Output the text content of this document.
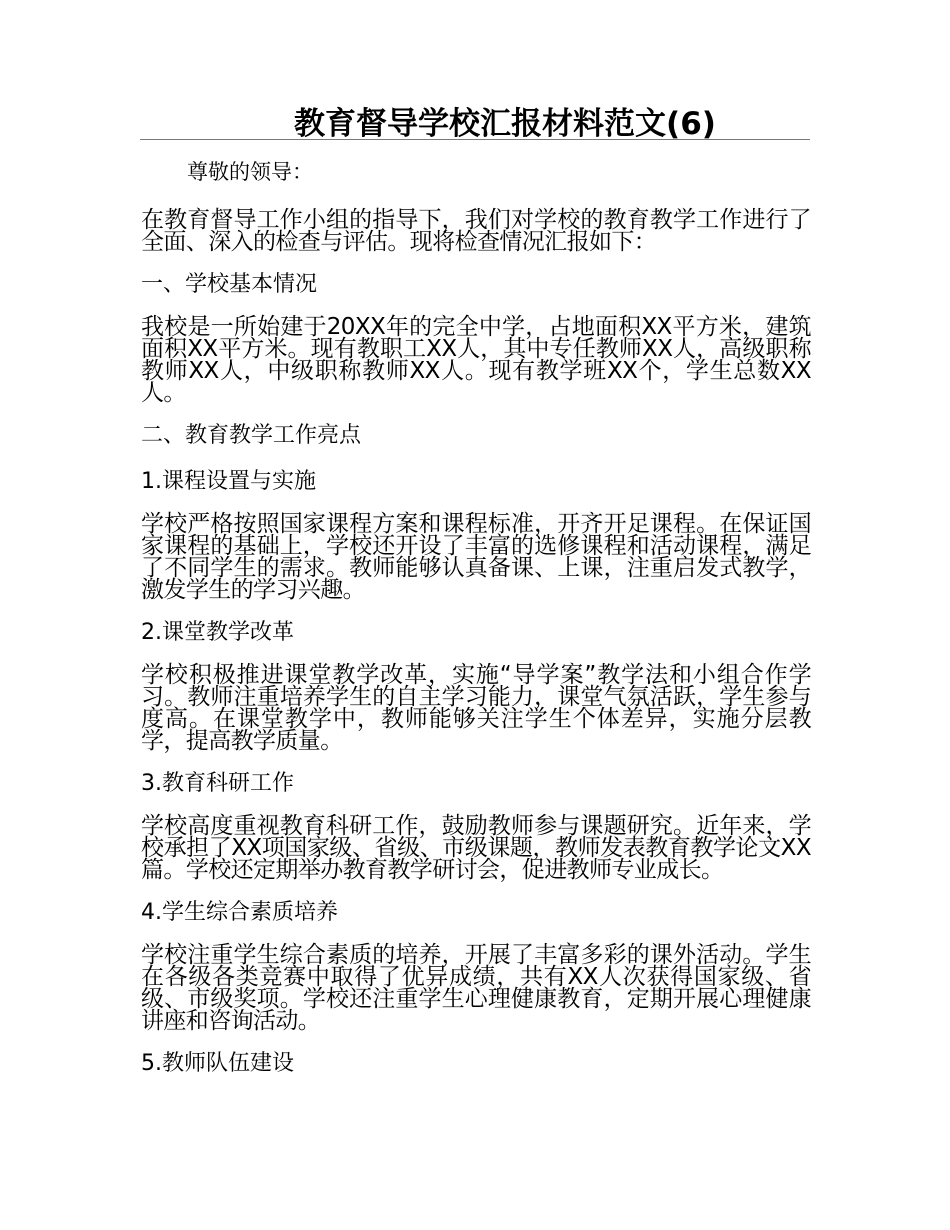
教育督导学校汇报材料范文(6)

尊敬的领导：

在教育督导工作小组的指导下，我们对学校的教育教学工作进行了全面、深入的检查与评估。现将检查情况汇报如下：

一、学校基本情况

我校是一所始建于20XX年的完全中学，占地面积XX平方米，建筑面积XX平方米。现有教职工XX人，其中专任教师XX人，高级职称教师XX人，中级职称教师XX人。现有教学班XX个，学生总数XX人。

二、教育教学工作亮点

1.课程设置与实施

学校严格按照国家课程方案和课程标准，开齐开足课程。在保证国家课程的基础上，学校还开设了丰富的选修课程和活动课程，满足了不同学生的需求。教师能够认真备课、上课，注重启发式教学，激发学生的学习兴趣。

2.课堂教学改革

学校积极推进课堂教学改革，实施“导学案”教学法和小组合作学习。教师注重培养学生的自主学习能力，课堂气氛活跃，学生参与度高。在课堂教学中，教师能够关注学生个体差异，实施分层教学，提高教学质量。

3.教育科研工作

学校高度重视教育科研工作，鼓励教师参与课题研究。近年来，学校承担了XX项国家级、省级、市级课题，教师发表教育教学论文XX篇。学校还定期举办教育教学研讨会，促进教师专业成长。

4.学生综合素质培养

学校注重学生综合素质的培养，开展了丰富多彩的课外活动。学生在各级各类竞赛中取得了优异成绩，共有XX人次获得国家级、省级、市级奖项。学校还注重学生心理健康教育，定期开展心理健康讲座和咨询活动。

5.教师队伍建设
